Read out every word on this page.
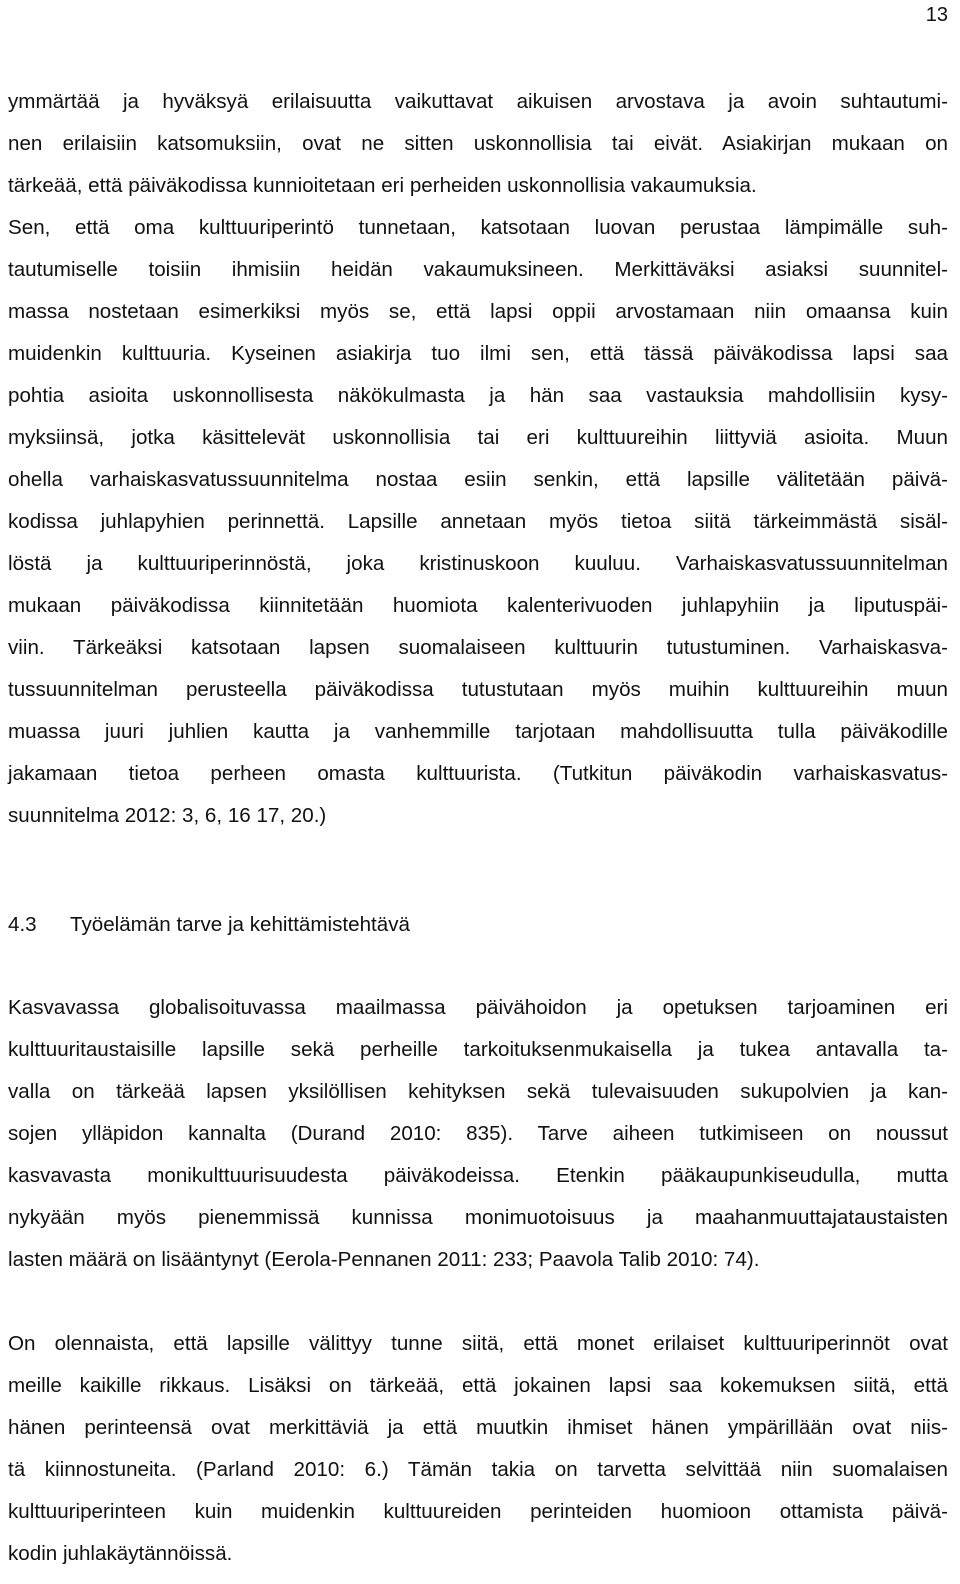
13
ymmärtää ja hyväksyä erilaisuutta vaikuttavat aikuisen arvostava ja avoin suhtautumi-
nen erilaisiin katsomuksiin, ovat ne sitten uskonnollisia tai eivät. Asiakirjan mukaan on
tärkeää, että päiväkodissa kunnioitetaan eri perheiden uskonnollisia vakaumuksia.
Sen, että oma kulttuuriperintö tunnetaan, katsotaan luovan perustaa lämpimälle suh-
tautumiselle toisiin ihmisiin heidän vakaumuksineen. Merkittäväksi asiaksi suunnitel-
massa nostetaan esimerkiksi myös se, että lapsi oppii arvostamaan niin omaansa kuin
muidenkin kulttuuria. Kyseinen asiakirja tuo ilmi sen, että tässä päiväkodissa lapsi saa
pohtia asioita uskonnollisesta näkökulmasta ja hän saa vastauksia mahdollisiin kysy-
myksiinsä, jotka käsittelevät uskonnollisia tai eri kulttuureihin liittyviä asioita. Muun
ohella varhaiskasvatussuunnitelma nostaa esiin senkin, että lapsille välitetään päivä-
kodissa juhlapyhien perinnettä. Lapsille annetaan myös tietoa siitä tärkeimmästä sisäl-
löstä ja kulttuuriperinnöstä, joka kristinuskoon kuuluu. Varhaiskasvatussuunnitelman
mukaan päiväkodissa kiinnitetään huomiota kalenterivuoden juhlapyhiin ja liputuspäi-
viin. Tärkeäksi katsotaan lapsen suomalaiseen kulttuurin tutustuminen. Varhaiskasva-
tussuunnitelman perusteella päiväkodissa tutustutaan myös muihin kulttuureihin muun
muassa juuri juhlien kautta ja vanhemmille tarjotaan mahdollisuutta tulla päiväkodille
jakamaan tietoa perheen omasta kulttuurista. (Tutkitun päiväkodin varhaiskasvatus-
suunnitelma 2012: 3, 6, 16 17, 20.)
4.3 Työelämän tarve ja kehittämistehtävä
Kasvavassa globalisoituvassa maailmassa päivähoidon ja opetuksen tarjoaminen eri
kulttuuritaustaisille lapsille sekä perheille tarkoituksenmukaisella ja tukea antavalla ta-
valla on tärkeää lapsen yksilöllisen kehityksen sekä tulevaisuuden sukupolvien ja kan-
sojen ylläpidon kannalta (Durand 2010: 835). Tarve aiheen tutkimiseen on noussut
kasvavasta monikulttuurisuudesta päiväkodeissa. Etenkin pääkaupunkiseudulla, mutta
nykyään myös pienemmissä kunnissa monimuotoisuus ja maahanmuuttajataustaisten
lasten määrä on lisääntynyt (Eerola-Pennanen 2011: 233; Paavola Talib 2010: 74).
On olennaista, että lapsille välittyy tunne siitä, että monet erilaiset kulttuuriperinnöt ovat
meille kaikille rikkaus. Lisäksi on tärkeää, että jokainen lapsi saa kokemuksen siitä, että
hänen perinteensä ovat merkittäviä ja että muutkin ihmiset hänen ympärillään ovat niis-
tä kiinnostuneita. (Parland 2010: 6.) Tämän takia on tarvetta selvittää niin suomalaisen
kulttuuriperinteen kuin muidenkin kulttuureiden perinteiden huomioon ottamista päivä-
kodin juhlakäytännöissä.
